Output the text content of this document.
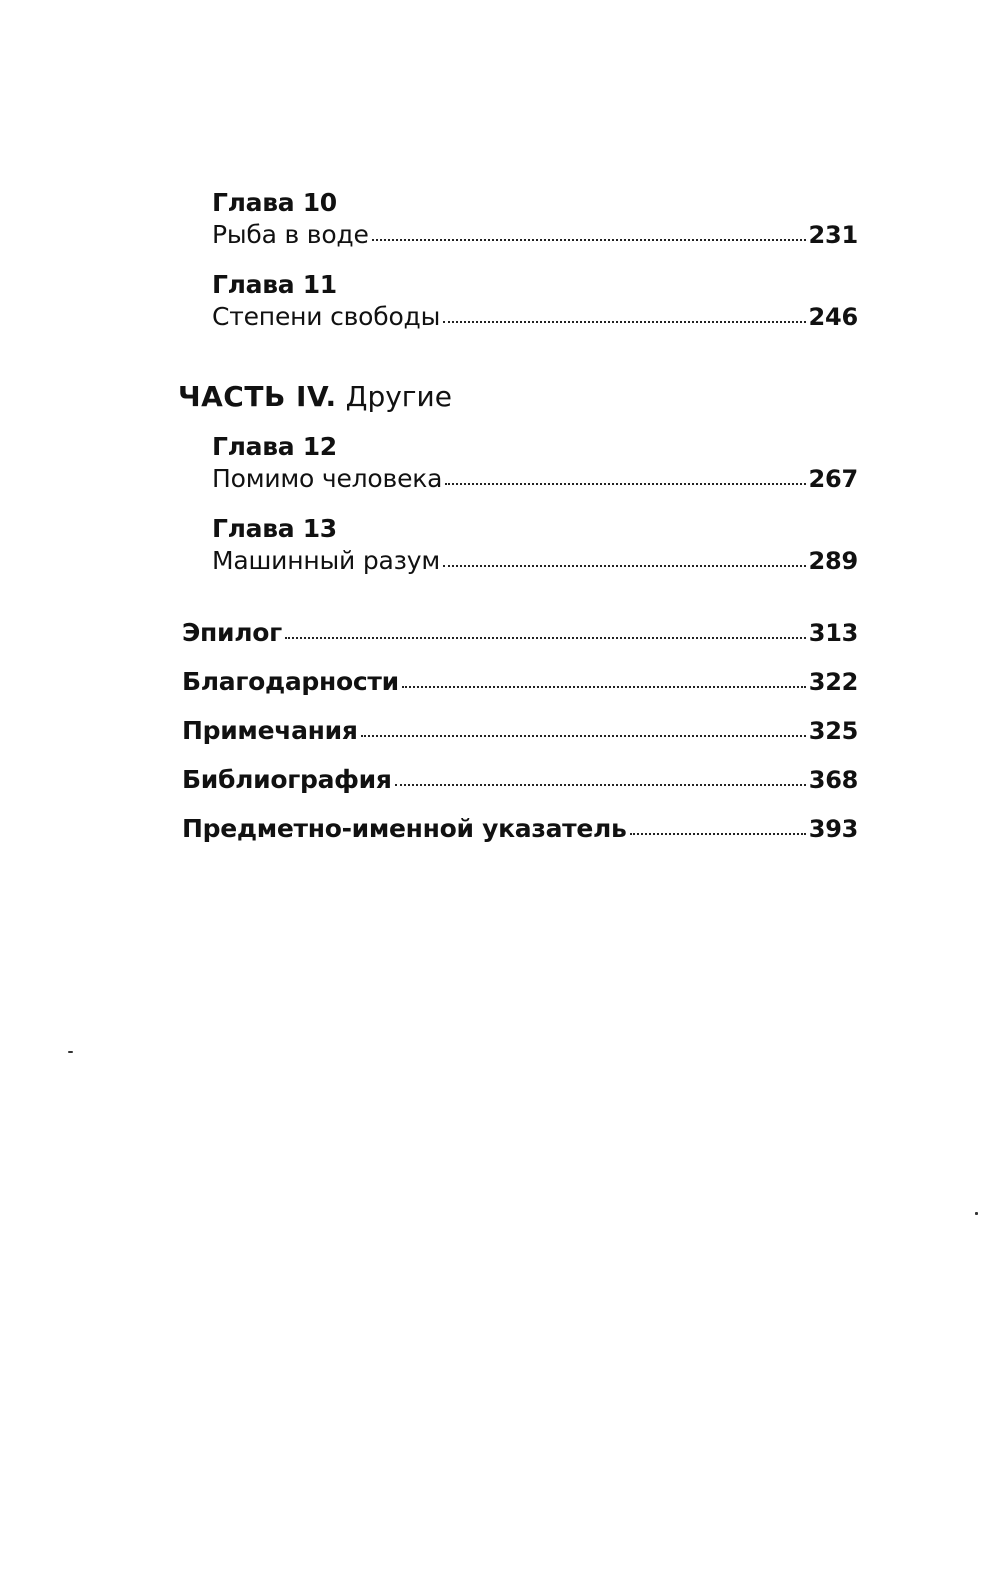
Глава 10
Рыба в воде	231
Глава 11
Степени свободы	246
ЧАСТЬ IV. Другие
Глава 12
Помимо человека	267
Глава 13
Машинный разум	289
Эпилог	313
Благодарности	322
Примечания	325
Библиография	368
Предметно-именной указатель	393
